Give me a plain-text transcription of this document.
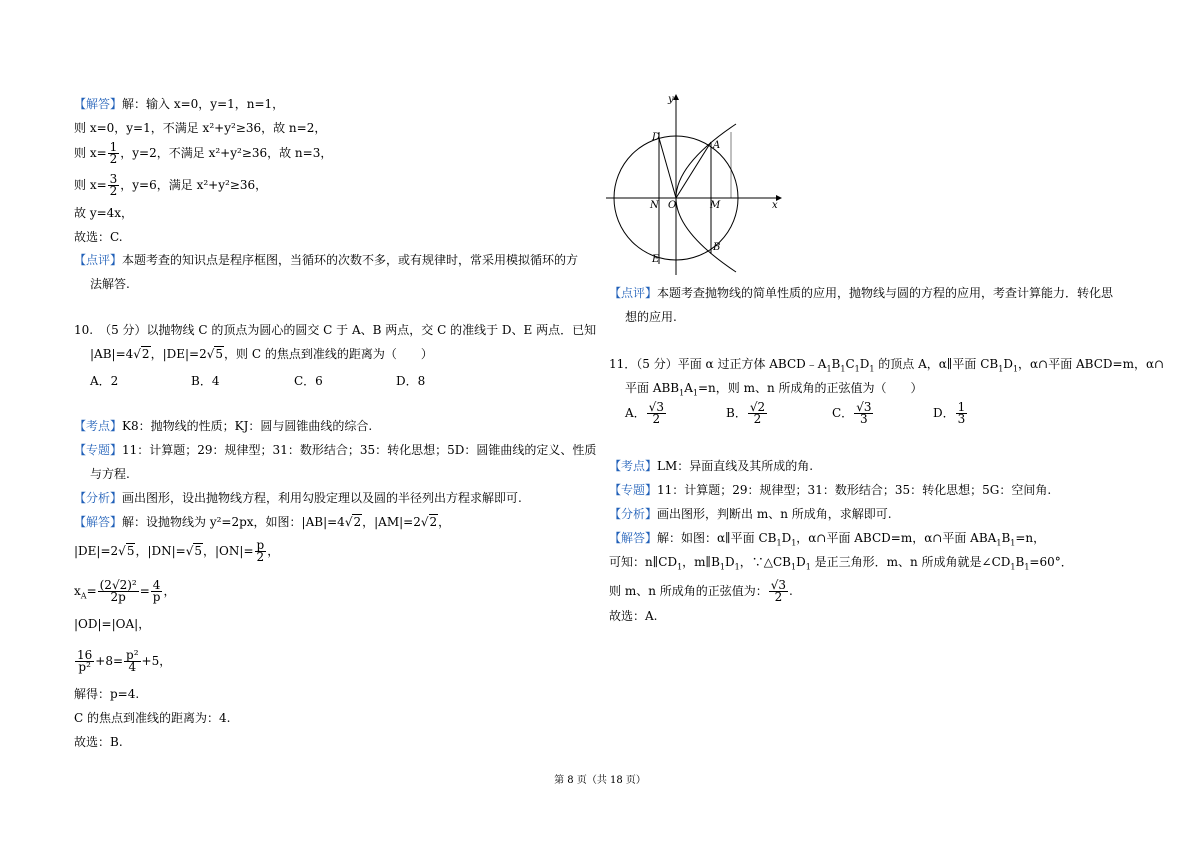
【解答】解：输入 x=0，y=1，n=1，
则 x=0，y=1，不满足 x²+y²≥36，故 n=2，
则 $x= \frac{1}{2}$ ，y=2，不满足 x²+y²≥36，故 n=3，
则 $x= \frac{3}{2}$ ，y=6，满足 x²+y²≥36，
故 y=4x，
故选：C.
【点评】本题考查的知识点是程序框图，当循环的次数不多，或有规律时，常采用模拟循环的方
法解答.
10.　（5 分）以抛物线 C 的顶点为圆心的圆交 C 于 A、B 两点，交 C 的准线于 D、E 两点．已知
|AB|=4√2，|DE|=2√5，则 C 的焦点到准线的距离为（　　）
A．2	B．4	C．6	D．8
【考点】K8：抛物线的性质；KJ：圆与圆锥曲线的综合.
【专题】11：计算题；29：规律型；31：数形结合；35：转化思想；5D：圆锥曲线的定义、性质
与方程.
【分析】画出图形，设出抛物线方程，利用勾股定理以及圆的半径列出方程求解即可.
【解答】解：设抛物线为 y²=2px，如图：|AB|=4√2，|AM|=2√2，
|DE|=2√5，|DN|=√5，$|ON|= \frac{p}{2}$ ，
$x_A= \frac{\text{(2√2)²}}{2p} = \frac{4}{p}$ ，
|OD|=|OA|，
$\frac{16}{\text{p²}} +8= \frac{\text{p²}}{4} +5$，
解得：p=4.
C 的焦点到准线的距离为：4.
故选：B.
y
D
A
N O	M	x
B
E
【点评】本题考查抛物线的简单性质的应用，抛物线与圆的方程的应用，考查计算能力．转化思
想的应用.
11．（5 分）平面 α 过正方体 $ABCD﹣A_1B_1C_1D_1$ 的顶点 A，α∥平面 $CB_1D_1$，α∩平面 ABCD=m，α∩
平面 $ABB_1A_1=n$，则 m、n 所成角的正弦值为（　　）
A． $\frac{√3}{2}$	B． $\frac{√2}{2}$	C． $\frac{√3}{3}$	D． $\frac{1}{3}$
【考点】LM：异面直线及其所成的角.
【专题】11：计算题；29：规律型；31：数形结合；35：转化思想；5G：空间角.
【分析】画出图形，判断出 m、n 所成角，求解即可.
【解答】解：如图：α∥平面 $CB_1D_1$，α∩平面 ABCD=m，α∩平面 $ABA_1B_1=n$，
可知：$n\parallel CD_1$，$m\parallel B_1D_1$，$\because\triangle CB_1D_1$ 是正三角形．m、n 所成角就是$\angle CD_1B_1=60^\circ$．
则 m、n 所成角的正弦值为： $\frac{√3}{2}$ .
故选：A.
第 8 页（共 18 页）
